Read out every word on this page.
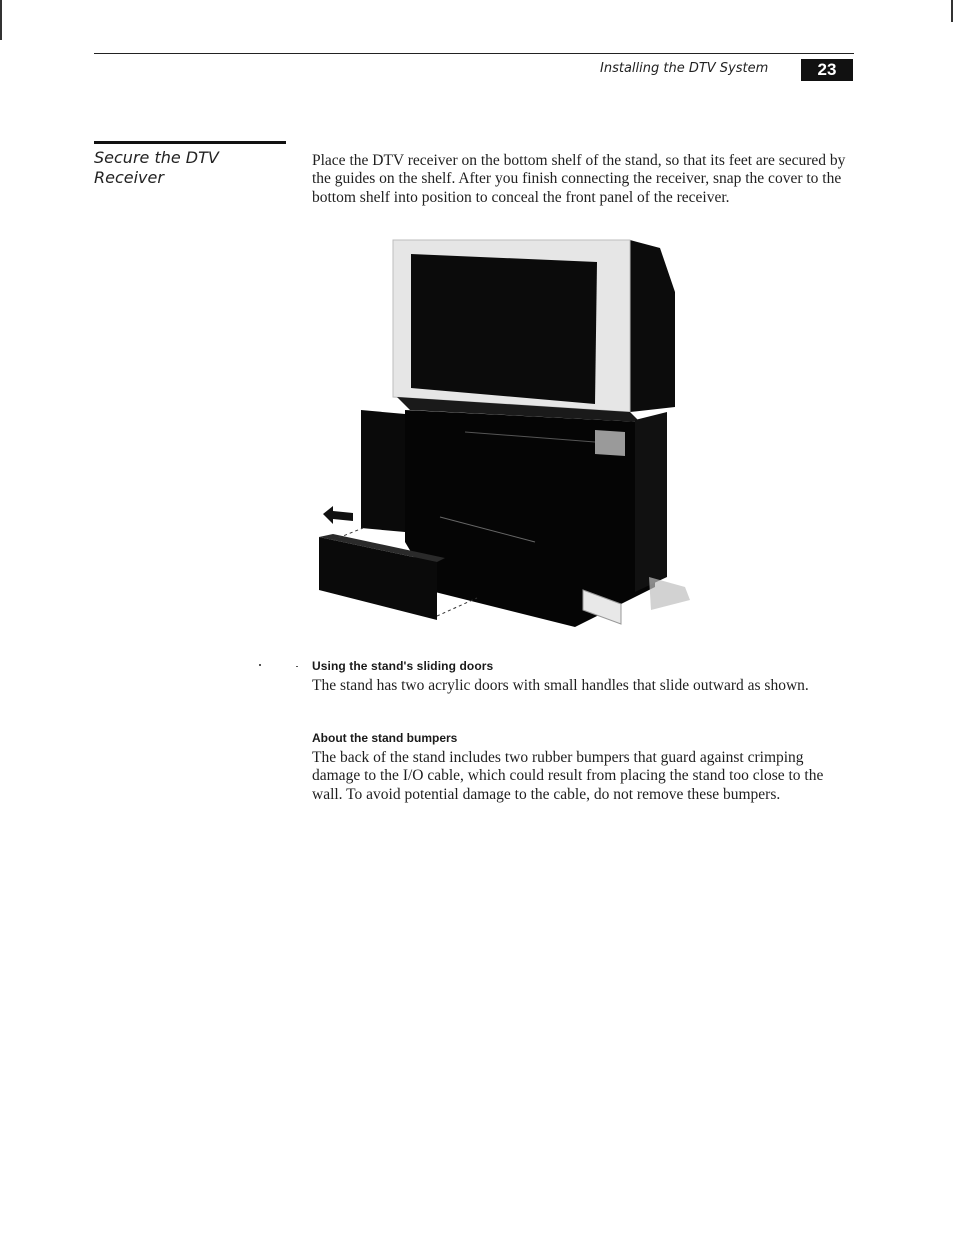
Installing the DTV System	23
Secure the DTV Receiver
Place the DTV receiver on the bottom shelf of the stand, so that its feet are secured by the guides on the shelf. After you finish connecting the receiver, snap the cover to the bottom shelf into position to conceal the front panel of the receiver.
Using the stand's sliding doors
The stand has two acrylic doors with small handles that slide outward as shown.
About the stand bumpers
The back of the stand includes two rubber bumpers that guard against crimping damage to the I/O cable, which could result from placing the stand too close to the wall. To avoid potential damage to the cable, do not remove these bumpers.
